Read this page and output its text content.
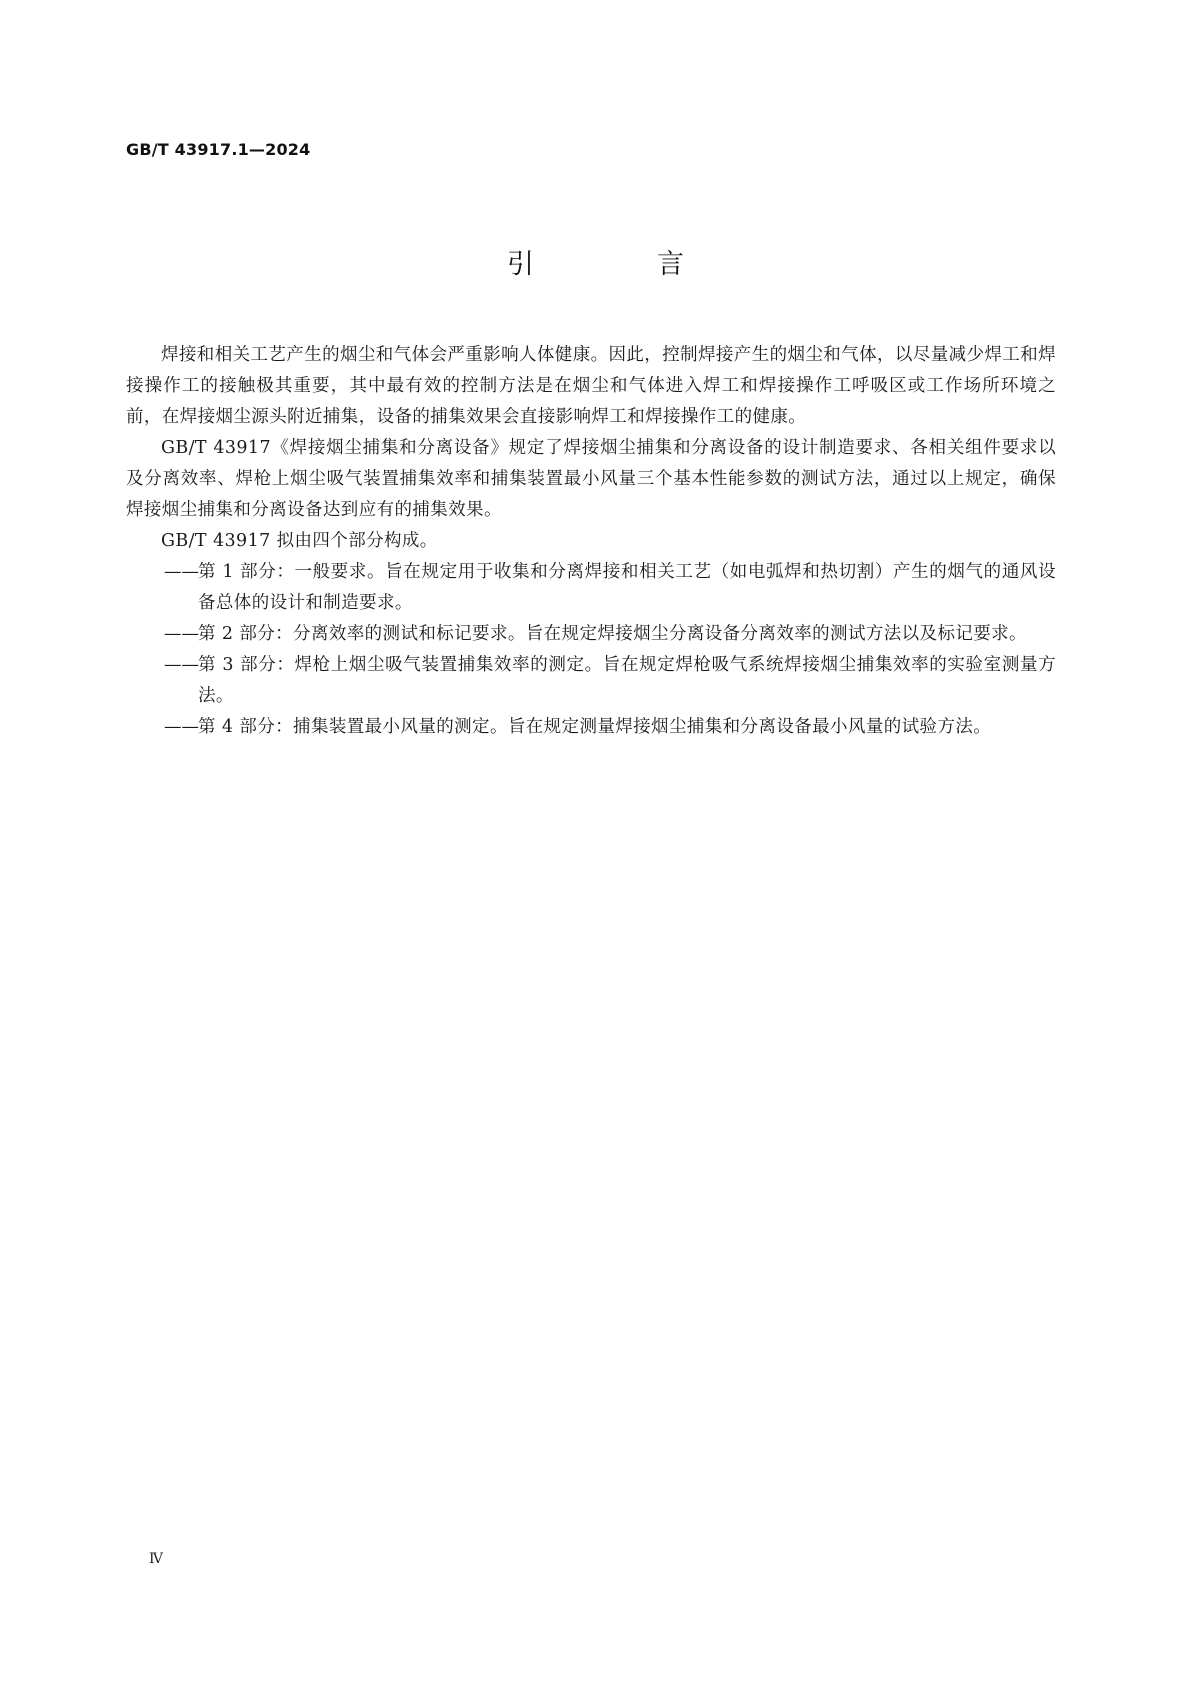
GB/T 43917.1—2024
引　言

焊接和相关工艺产生的烟尘和气体会严重影响人体健康。因此，控制焊接产生的烟尘和气体，以尽量减少焊工和焊接操作工的接触极其重要，其中最有效的控制方法是在烟尘和气体进入焊工和焊接操作工呼吸区或工作场所环境之前，在焊接烟尘源头附近捕集，设备的捕集效果会直接影响焊工和焊接操作工的健康。

GB/T 43917《焊接烟尘捕集和分离设备》规定了焊接烟尘捕集和分离设备的设计制造要求、各相关组件要求以及分离效率、焊枪上烟尘吸气装置捕集效率和捕集装置最小风量三个基本性能参数的测试方法，通过以上规定，确保焊接烟尘捕集和分离设备达到应有的捕集效果。

GB/T 43917 拟由四个部分构成。

—— 第 1 部分：一般要求。旨在规定用于收集和分离焊接和相关工艺（如电弧焊和热切割）产生的烟气的通风设备总体的设计和制造要求。
—— 第 2 部分：分离效率的测试和标记要求。旨在规定焊接烟尘分离设备分离效率的测试方法以及标记要求。
—— 第 3 部分：焊枪上烟尘吸气装置捕集效率的测定。旨在规定焊枪吸气系统焊接烟尘捕集效率的实验室测量方法。
—— 第 4 部分：捕集装置最小风量的测定。旨在规定测量焊接烟尘捕集和分离设备最小风量的试验方法。
Ⅳ
